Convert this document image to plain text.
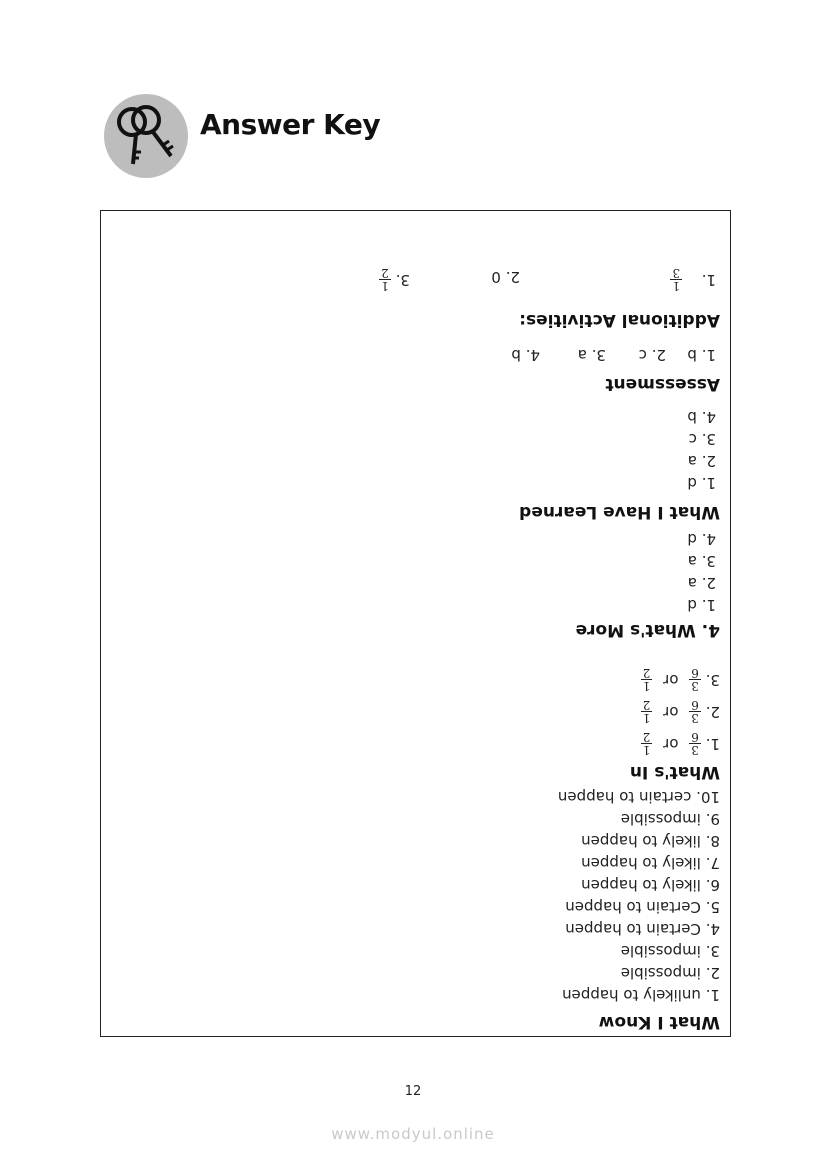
Answer Key
What I Know
1. unlikely to happen
2. impossible
3. impossible
4. Certain to happen
5. Certain to happen
6. likely to happen
7. likely to happen
8. likely to happen
9. impossible
10. certain to happen
What's In
1.
3
6
or
1
2
2.
3
6
or
1
2
3.
3
6
or
1
2
4. What's More
1. d
2. a
3. a
4. d
What I Have Learned
1. d
2. a
3. c
4. b
Assessment
1. b
2. c
3. a
4. b
Additional Activities:
1.
1
3
2. 0
3.
1
2
12
www.modyul.online
